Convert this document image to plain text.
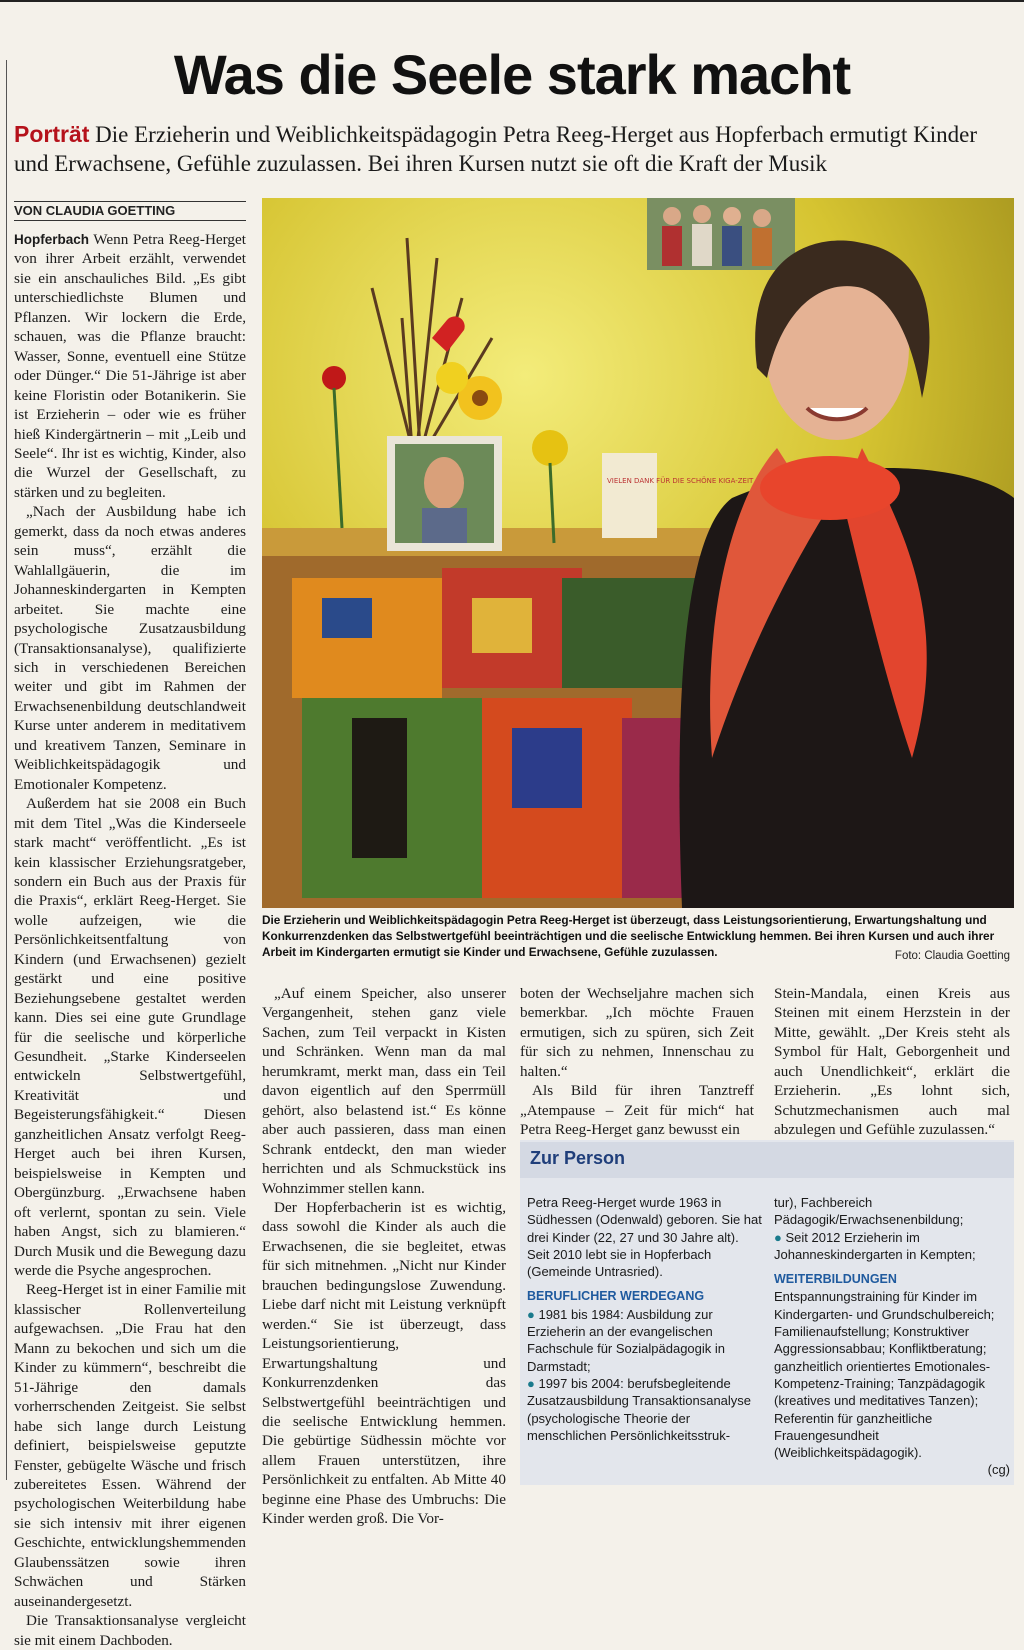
Was die Seele stark macht
Porträt Die Erzieherin und Weiblichkeitspädagogin Petra Reeg-Herget aus Hopferbach ermutigt Kinder und Erwachsene, Gefühle zuzulassen. Bei ihren Kursen nutzt sie oft die Kraft der Musik
VON CLAUDIA GOETTING

Hopferbach Wenn Petra Reeg-Herget von ihrer Arbeit erzählt, verwendet sie ein anschauliches Bild. „Es gibt unterschiedlichste Blumen und Pflanzen. Wir lockern die Erde, schauen, was die Pflanze braucht: Wasser, Sonne, eventuell eine Stütze oder Dünger.“ Die 51-Jährige ist aber keine Floristin oder Botanikerin. Sie ist Erzieherin – oder wie es früher hieß Kindergärtnerin – mit „Leib und Seele“. Ihr ist es wichtig, Kinder, also die Wurzel der Gesellschaft, zu stärken und zu begleiten.

„Nach der Ausbildung habe ich gemerkt, dass da noch etwas anderes sein muss“, erzählt die Wahlallgäuerin, die im Johanneskindergarten in Kempten arbeitet. Sie machte eine psychologische Zusatzausbildung (Transaktionsanalyse), qualifizierte sich in verschiedenen Bereichen weiter und gibt im Rahmen der Erwachsenenbildung deutschlandweit Kurse unter anderem in meditativem und kreativem Tanzen, Seminare in Weiblichkeitspädagogik und Emotionaler Kompetenz.

Außerdem hat sie 2008 ein Buch mit dem Titel „Was die Kinderseele stark macht“ veröffentlicht. „Es ist kein klassischer Erziehungsratgeber, sondern ein Buch aus der Praxis für die Praxis“, erklärt Reeg-Herget. Sie wolle aufzeigen, wie die Persönlichkeitsentfaltung von Kindern (und Erwachsenen) gezielt gestärkt und eine positive Beziehungsebene gestaltet werden kann. Dies sei eine gute Grundlage für die seelische und körperliche Gesundheit. „Starke Kinderseelen entwickeln Selbstwertgefühl, Kreativität und Begeisterungsfähigkeit.“ Diesen ganzheitlichen Ansatz verfolgt Reeg-Herget auch bei ihren Kursen, beispielsweise in Kempten und Obergünzburg. „Erwachsene haben oft verlernt, spontan zu sein. Viele haben Angst, sich zu blamieren.“ Durch Musik und die Bewegung dazu werde die Psyche angesprochen.

Reeg-Herget ist in einer Familie mit klassischer Rollenverteilung aufgewachsen. „Die Frau hat den Mann zu bekochen und sich um die Kinder zu kümmern“, beschreibt die 51-Jährige den damals vorherrschenden Zeitgeist. Sie selbst habe sich lange durch Leistung definiert, beispielsweise geputzte Fenster, gebügelte Wäsche und frisch zubereitetes Essen. Während der psychologischen Weiterbildung habe sie sich intensiv mit ihrer eigenen Geschichte, entwicklungshemmenden Glaubenssätzen sowie ihren Schwächen und Stärken auseinandergesetzt.

Die Transaktionsanalyse vergleicht sie mit einem Dachboden.

VIELEN DANK FÜR DIE SCHÖNE KIGA-ZEIT
Die Erzieherin und Weiblichkeitspädagogin Petra Reeg-Herget ist überzeugt, dass Leistungsorientierung, Erwartungshaltung und Konkurrenzdenken das Selbstwertgefühl beeinträchtigen und die seelische Entwicklung hemmen. Bei ihren Kursen und auch ihrer Arbeit im Kindergarten ermutigt sie Kinder und Erwachsene, Gefühle zuzulassen.	Foto: Claudia Goetting

„Auf einem Speicher, also unserer Vergangenheit, stehen ganz viele Sachen, zum Teil verpackt in Kisten und Schränken. Wenn man da mal herumkramt, merkt man, dass ein Teil davon eigentlich auf den Sperrmüll gehört, also belastend ist.“ Es könne aber auch passieren, dass man einen Schrank entdeckt, den man wieder herrichten und als Schmuckstück ins Wohnzimmer stellen kann.

Der Hopferbacherin ist es wichtig, dass sowohl die Kinder als auch die Erwachsenen, die sie begleitet, etwas für sich mitnehmen. „Nicht nur Kinder brauchen bedingungslose Zuwendung. Liebe darf nicht mit Leistung verknüpft werden.“ Sie ist überzeugt, dass Leistungsorientierung, Erwartungshaltung und Konkurrenzdenken das Selbstwertgefühl beeinträchtigen und die seelische Entwicklung hemmen. Die gebürtige Südhessin möchte vor allem Frauen unterstützen, ihre Persönlichkeit zu entfalten. Ab Mitte 40 beginne eine Phase des Umbruchs: Die Kinder werden groß. Die Vor-

boten der Wechseljahre machen sich bemerkbar. „Ich möchte Frauen ermutigen, sich zu spüren, sich Zeit für sich zu nehmen, Innenschau zu halten.“

Als Bild für ihren Tanztreff „Atempause – Zeit für mich“ hat Petra Reeg-Herget ganz bewusst ein

Stein-Mandala, einen Kreis aus Steinen mit einem Herzstein in der Mitte, gewählt. „Der Kreis steht als Symbol für Halt, Geborgenheit und auch Unendlichkeit“, erklärt die Erzieherin. „Es lohnt sich, Schutzmechanismen auch mal abzulegen und Gefühle zuzulassen.“

Zur Person
Petra Reeg-Herget wurde 1963 in Südhessen (Odenwald) geboren. Sie hat drei Kinder (22, 27 und 30 Jahre alt). Seit 2010 lebt sie in Hopferbach (Gemeinde Untrasried).
BERUFLICHER WERDEGANG
● 1981 bis 1984: Ausbildung zur Erzieherin an der evangelischen Fachschule für Sozialpädagogik in Darmstadt;
● 1997 bis 2004: berufsbegleitende Zusatzausbildung Transaktionsanalyse (psychologische Theorie der menschlichen Persönlichkeitsstruk-
tur), Fachbereich Pädagogik/Erwachsenenbildung;
● Seit 2012 Erzieherin im Johanneskindergarten in Kempten;
WEITERBILDUNGEN
Entspannungstraining für Kinder im Kindergarten- und Grundschulbereich; Familienaufstellung; Konstruktiver Aggressionsabbau; Konfliktberatung; ganzheitlich orientiertes Emotionales-Kompetenz-Training; Tanzpädagogik (kreatives und meditatives Tanzen); Referentin für ganzheitliche Frauengesundheit (Weiblichkeitspädagogik).
(cg)
